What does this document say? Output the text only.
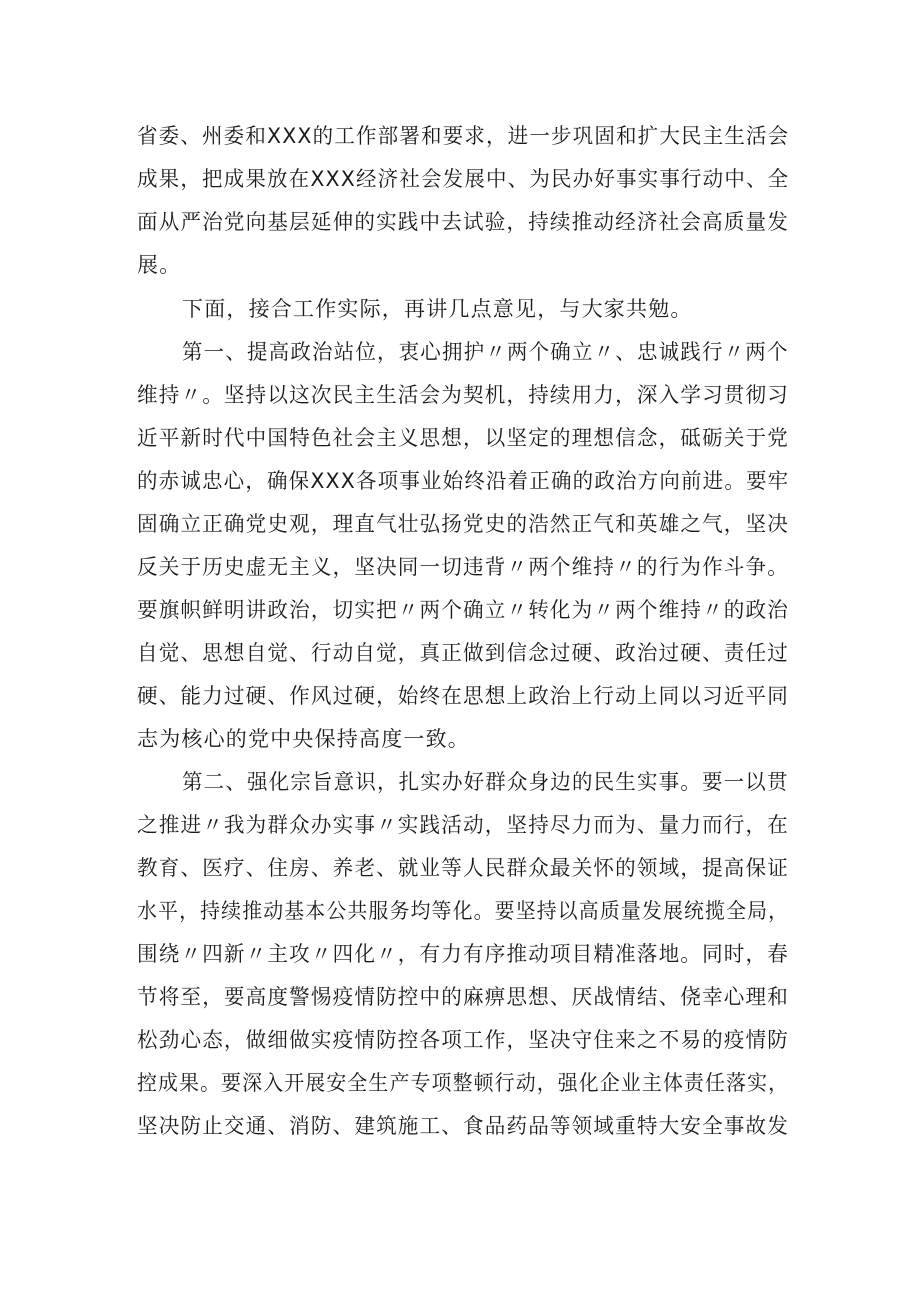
省委、州委和XXX的工作部署和要求，进一步巩固和扩大民主生活会
成果，把成果放在XXX经济社会发展中、为民办好事实事行动中、全
面从严治党向基层延伸的实践中去试验，持续推动经济社会高质量发
展。
下面，接合工作实际，再讲几点意见，与大家共勉。
第一、提高政治站位，衷心拥护〃两个确立〃、忠诚践行〃两个
维持〃。坚持以这次民主生活会为契机，持续用力，深入学习贯彻习
近平新时代中国特色社会主义思想，以坚定的理想信念，砥砺关于党
的赤诚忠心，确保XXX各项事业始终沿着正确的政治方向前进。要牢
固确立正确党史观，理直气壮弘扬党史的浩然正气和英雄之气，坚决
反关于历史虚无主义，坚决同一切违背〃两个维持〃的行为作斗争。
要旗帜鲜明讲政治，切实把〃两个确立〃转化为〃两个维持〃的政治
自觉、思想自觉、行动自觉，真正做到信念过硬、政治过硬、责任过
硬、能力过硬、作风过硬，始终在思想上政治上行动上同以习近平同
志为核心的党中央保持高度一致。
第二、强化宗旨意识，扎实办好群众身边的民生实事。要一以贯
之推进〃我为群众办实事〃实践活动，坚持尽力而为、量力而行，在
教育、医疗、住房、养老、就业等人民群众最关怀的领域，提高保证
水平，持续推动基本公共服务均等化。要坚持以高质量发展统揽全局，
围绕〃四新〃主攻〃四化〃，有力有序推动项目精准落地。同时，春
节将至，要高度警惕疫情防控中的麻痹思想、厌战情结、侥幸心理和
松劲心态，做细做实疫情防控各项工作，坚决守住来之不易的疫情防
控成果。要深入开展安全生产专项整顿行动，强化企业主体责任落实，
坚决防止交通、消防、建筑施工、食品药品等领域重特大安全事故发
